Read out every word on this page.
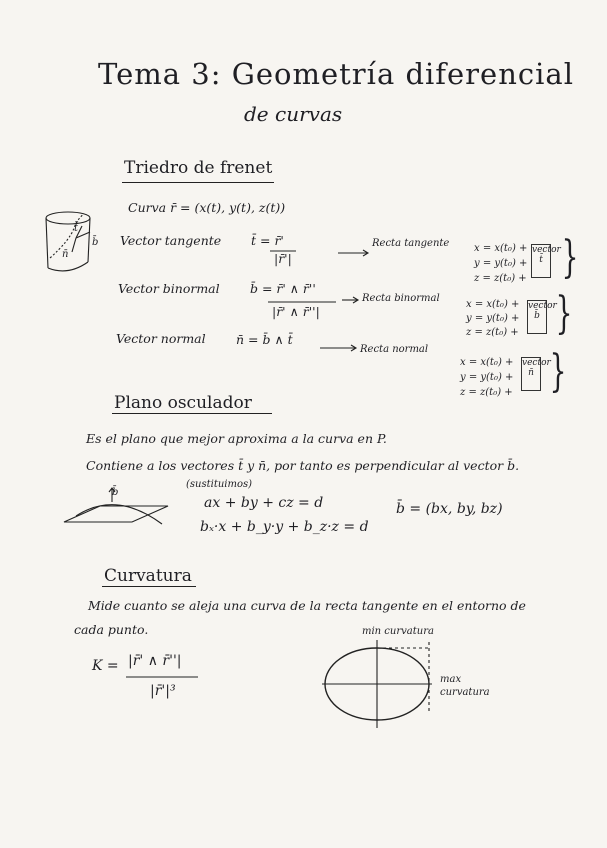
Tema 3: Geometría diferencial
de curvas
Triedro de frenet
Curva r̄ = (x(t), y(t), z(t))
Vector tangente t̄ = r̄'
|r̄'|
Recta tangente
Vector binormal b̄ = r̄' ∧ r̄''
|r̄' ∧ r̄''|
Recta binormal
Vector normal n̄ = b̄ ∧ t̄
Recta normal
x = x(t₀) +
y = y(t₀) +
z = z(t₀) +
vector t̄ }
x = x(t₀) +
y = y(t₀) +
z = z(t₀) +
vector b̄ }
x = x(t₀) +
y = y(t₀) +
z = z(t₀) +
vector n̄ }
t̄
b̄
n̄
Plano osculador
Es el plano que mejor aproxima a la curva en P.
Contiene a los vectores t̄ y n̄, por tanto es perpendicular al vector b̄.
(sustituimos)
ax + by + cz = d
bₓ·x + b_y·y + b_z·z = d
b̄ = (bx, by, bz)
b̄
Curvatura
Mide cuanto se aleja una curva de la recta tangente en el entorno de
cada punto.
K = |r̄' ∧ r̄''|
|r̄'|³
min curvatura
max
curvatura
